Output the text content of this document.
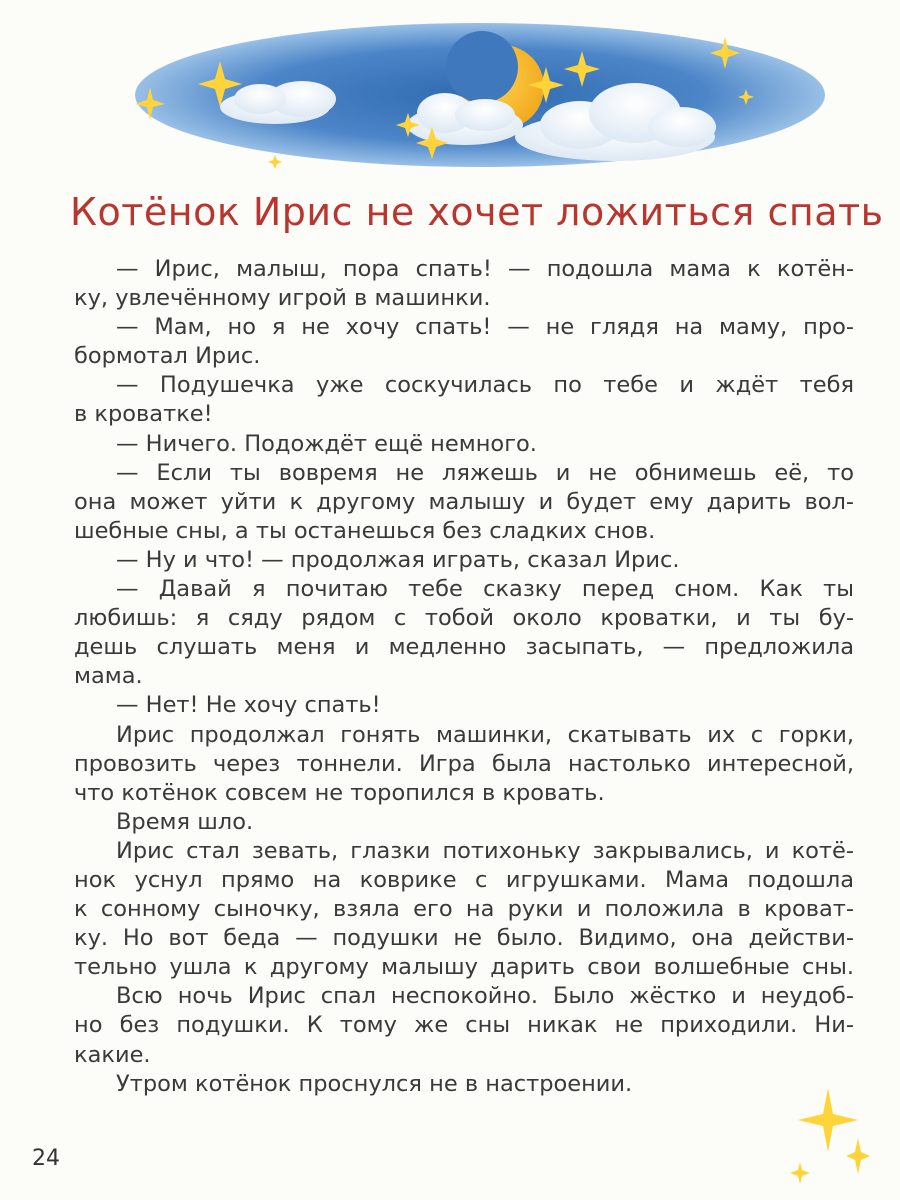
Котёнок Ирис не хочет ложиться спать

— Ирис, малыш, пора спать! — подошла мама к котён-
ку, увлечённому игрой в машинки.

— Мам, но я не хочу спать! — не глядя на маму, про-
бормотал Ирис.

— Подушечка уже соскучилась по тебе и ждёт тебя
в кроватке!

— Ничего. Подождёт ещё немного.

— Если ты вовремя не ляжешь и не обнимешь её, то
она может уйти к другому малышу и будет ему дарить вол-
шебные сны, а ты останешься без сладких снов.

— Ну и что! — продолжая играть, сказал Ирис.

— Давай я почитаю тебе сказку перед сном. Как ты
любишь: я сяду рядом с тобой около кроватки, и ты бу-
дешь слушать меня и медленно засыпать, — предложила
мама.

— Нет! Не хочу спать!

Ирис продолжал гонять машинки, скатывать их с горки,
провозить через тоннели. Игра была настолько интересной,
что котёнок совсем не торопился в кровать.

Время шло.

Ирис стал зевать, глазки потихоньку закрывались, и котё-
нок уснул прямо на коврике с игрушками. Мама подошла
к сонному сыночку, взяла его на руки и положила в кроват-
ку. Но вот беда — подушки не было. Видимо, она действи-
тельно ушла к другому малышу дарить свои волшебные сны.

Всю ночь Ирис спал неспокойно. Было жёстко и неудоб-
но без подушки. К тому же сны никак не приходили. Ни-
какие.

Утром котёнок проснулся не в настроении.

24
